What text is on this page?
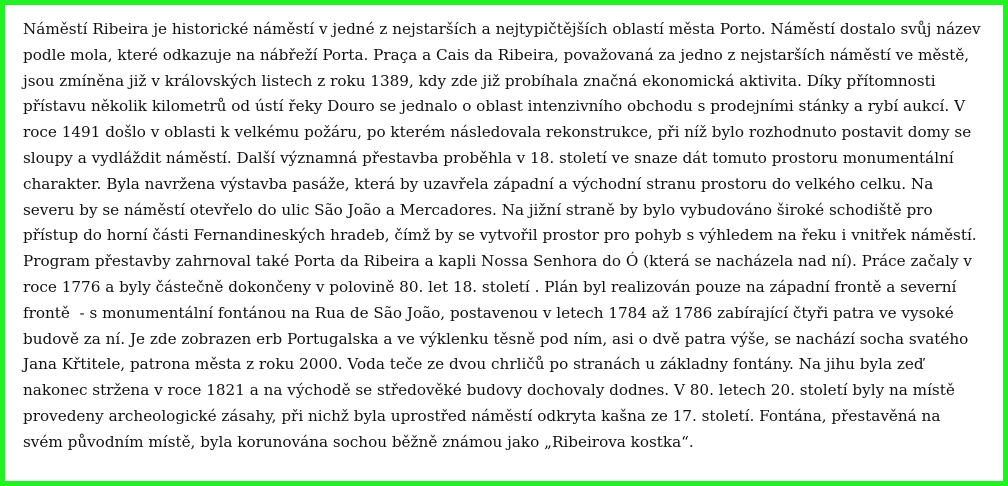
Náměstí Ribeira je historické náměstí v jedné z nejstarších a nejtypičtějších oblastí města Porto. Náměstí dostalo svůj název
podle mola, které odkazuje na nábřeží Porta. Praça a Cais da Ribeira, považovaná za jedno z nejstarších náměstí ve městě,
jsou zmíněna již v královských listech z roku 1389, kdy zde již probíhala značná ekonomická aktivita. Díky přítomnosti
přístavu několik kilometrů od ústí řeky Douro se jednalo o oblast intenzivního obchodu s prodejními stánky a rybí aukcí. V
roce 1491 došlo v oblasti k velkému požáru, po kterém následovala rekonstrukce, při níž bylo rozhodnuto postavit domy se
sloupy a vydláždit náměstí. Další významná přestavba proběhla v 18. století ve snaze dát tomuto prostoru monumentální
charakter. Byla navržena výstavba pasáže, která by uzavřela západní a východní stranu prostoru do velkého celku. Na
severu by se náměstí otevřelo do ulic São João a Mercadores. Na jižní straně by bylo vybudováno široké schodiště pro
přístup do horní části Fernandineských hradeb, čímž by se vytvořil prostor pro pohyb s výhledem na řeku i vnitřek náměstí.
Program přestavby zahrnoval také Porta da Ribeira a kapli Nossa Senhora do Ó (která se nacházela nad ní). Práce začaly v
roce 1776 a byly částečně dokončeny v polovině 80. let 18. století . Plán byl realizován pouze na západní frontě a severní
frontě  - s monumentální fontánou na Rua de São João, postavenou v letech 1784 až 1786 zabírající čtyři patra ve vysoké
budově za ní. Je zde zobrazen erb Portugalska a ve výklenku těsně pod ním, asi o dvě patra výše, se nachází socha svatého
Jana Křtitele, patrona města z roku 2000. Voda teče ze dvou chrličů po stranách u základny fontány. Na jihu byla zeď
nakonec stržena v roce 1821 a na východě se středověké budovy dochovaly dodnes. V 80. letech 20. století byly na místě
provedeny archeologické zásahy, při nichž byla uprostřed náměstí odkryta kašna ze 17. století. Fontána, přestavěná na
svém původním místě, byla korunována sochou běžně známou jako „Ribeirova kostka“.
